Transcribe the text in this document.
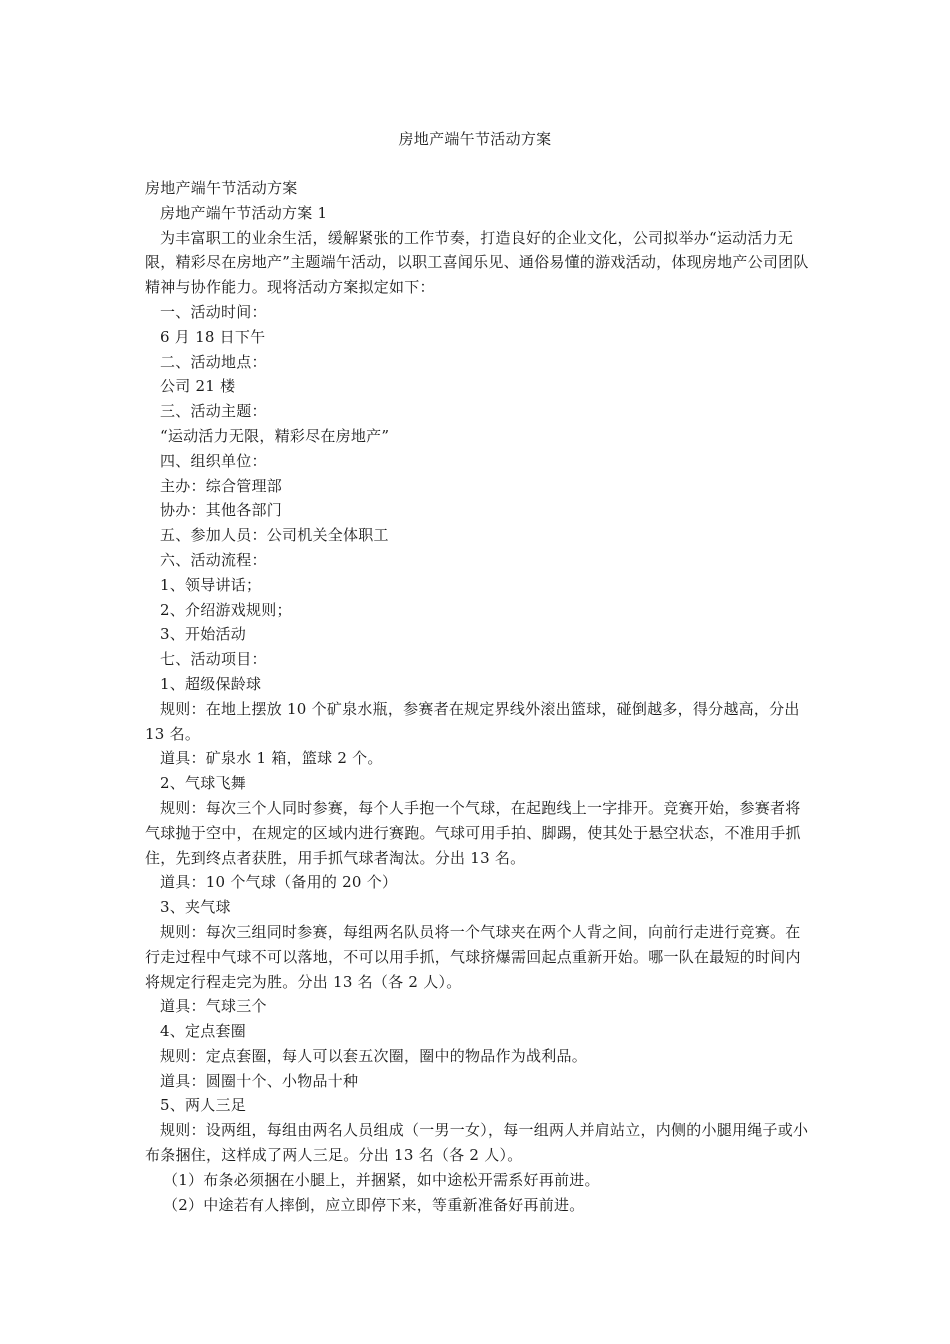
房地产端午节活动方案

房地产端午节活动方案

房地产端午节活动方案 1

为丰富职工的业余生活，缓解紧张的工作节奏，打造良好的企业文化，公司拟举办“运动活力无限，精彩尽在房地产”主题端午活动，以职工喜闻乐见、通俗易懂的游戏活动，体现房地产公司团队精神与协作能力。现将活动方案拟定如下：

一、活动时间：

6 月 18 日下午

二、活动地点：

公司 21 楼

三、活动主题：

“运动活力无限，精彩尽在房地产”

四、组织单位：

主办：综合管理部

协办：其他各部门

五、参加人员：公司机关全体职工

六、活动流程：

1、领导讲话；

2、介绍游戏规则；

3、开始活动

七、活动项目：

1、超级保龄球

规则：在地上摆放 10 个矿泉水瓶，参赛者在规定界线外滚出篮球，碰倒越多，得分越高，分出 13 名。

道具：矿泉水 1 箱，篮球 2 个。

2、气球飞舞

规则：每次三个人同时参赛，每个人手抱一个气球，在起跑线上一字排开。竞赛开始，参赛者将气球抛于空中，在规定的区域内进行赛跑。气球可用手拍、脚踢，使其处于悬空状态，不准用手抓住，先到终点者获胜，用手抓气球者淘汰。分出 13 名。

道具：10 个气球（备用的 20 个）

3、夹气球

规则：每次三组同时参赛，每组两名队员将一个气球夹在两个人背之间，向前行走进行竞赛。在行走过程中气球不可以落地，不可以用手抓，气球挤爆需回起点重新开始。哪一队在最短的时间内将规定行程走完为胜。分出 13 名（各 2 人）。

道具：气球三个

4、定点套圈

规则：定点套圈，每人可以套五次圈，圈中的物品作为战利品。

道具：圆圈十个、小物品十种

5、两人三足

规则：设两组，每组由两名人员组成（一男一女），每一组两人并肩站立，内侧的小腿用绳子或小布条捆住，这样成了两人三足。分出 13 名（各 2 人）。

（1）布条必须捆在小腿上，并捆紧，如中途松开需系好再前进。

（2）中途若有人摔倒，应立即停下来，等重新准备好再前进。
